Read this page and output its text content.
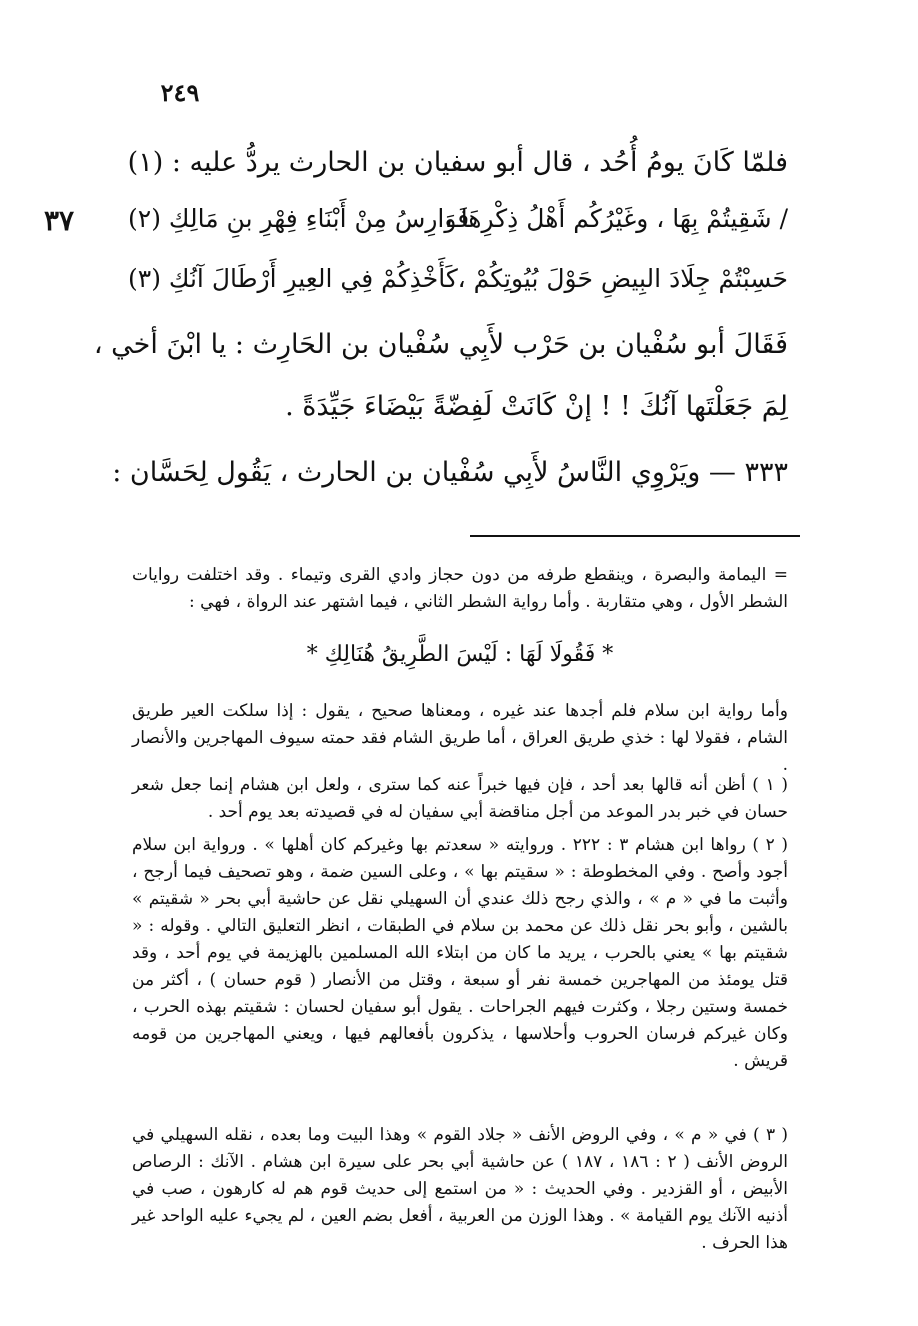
٢٤٩
٣٧
فلمّا كَانَ يومُ أُحُد ، قال أبو سفيان بن الحارث يردُّ عليه : (١)
/ شَقِيتُمْ بِهَا ، وغَيْرُكُم أَهْلُ ذِكْرِهَا ،
فَوَارِسُ مِنْ أَبْنَاءِ فِهْرِ بنِ مَالِكِ (٢)
حَسِبْتُمْ جِلَادَ البِيضِ حَوْلَ بُيُوتِكُمْ ،
كَأَخْذِكُمْ فِي العِيرِ أَرْطَالَ آنُكِ (٣)
فَقَالَ أبو سُفْيان بن حَرْب لأَبِي سُفْيان بن الحَارِث : يا ابْنَ أخي ،
لِمَ جَعَلْتَها آنُكَ ! ! إنْ كَانَتْ لَفِضّةً بَيْضَاءَ جَيِّدَةً .
٣٣٣ — ويَرْوِي النَّاسُ لأَبِي سُفْيان بن الحارث ، يَقُول لِحَسَّان :
= اليمامة والبصرة ، وينقطع طرفه من دون حجاز وادي القرى وتيماء . وقد اختلفت روايات الشطر الأول ، وهي متقاربة . وأما رواية الشطر الثاني ، فيما اشتهر عند الرواة ، فهي :
* فَقُولَا لَهَا : لَيْسَ الطَّرِيقُ هُنَالِكِ *
وأما رواية ابن سلام فلم أجدها عند غيره ، ومعناها صحيح ، يقول : إذا سلكت العير طريق الشام ، فقولا لها : خذي طريق العراق ، أما طريق الشام فقد حمته سيوف المهاجرين والأنصار .
( ١ ) أظن أنه قالها بعد أحد ، فإن فيها خبراً عنه كما سترى ، ولعل ابن هشام إنما جعل شعر حسان في خبر بدر الموعد من أجل مناقضة أبي سفيان له في قصيدته بعد يوم أحد .
( ٢ ) رواها ابن هشام ٣ : ٢٢٢ . وروايته « سعدتم بها وغيركم كان أهلها » . ورواية ابن سلام أجود وأصح . وفي المخطوطة : « سقيتم بها » ، وعلى السين ضمة ، وهو تصحيف فيما أرجح ، وأثبت ما في « م » ، والذي رجح ذلك عندي أن السهيلي نقل عن حاشية أبي بحر « شقيتم » بالشين ، وأبو بحر نقل ذلك عن محمد بن سلام في الطبقات ، انظر التعليق التالي . وقوله : « شقيتم بها » يعني بالحرب ، يريد ما كان من ابتلاء الله المسلمين بالهزيمة في يوم أحد ، وقد قتل يومئذ من المهاجرين خمسة نفر أو سبعة ، وقتل من الأنصار ( قوم حسان ) ، أكثر من خمسة وستين رجلا ، وكثرت فيهم الجراحات . يقول أبو سفيان لحسان : شقيتم بهذه الحرب ، وكان غيركم فرسان الحروب وأحلاسها ، يذكرون بأفعالهم فيها ، ويعني المهاجرين من قومه قريش .
( ٣ ) في « م » ، وفي الروض الأنف « جلاد القوم » وهذا البيت وما بعده ، نقله السهيلي في الروض الأنف ( ٢ : ١٨٦ ، ١٨٧ ) عن حاشية أبي بحر على سيرة ابن هشام . الآنك : الرصاص الأبيض ، أو القزدير . وفي الحديث : « من استمع إلى حديث قوم هم له كارهون ، صب في أذنيه الآنك يوم القيامة » . وهذا الوزن من العربية ، أفعل بضم العين ، لم يجيء عليه الواحد غير هذا الحرف .
